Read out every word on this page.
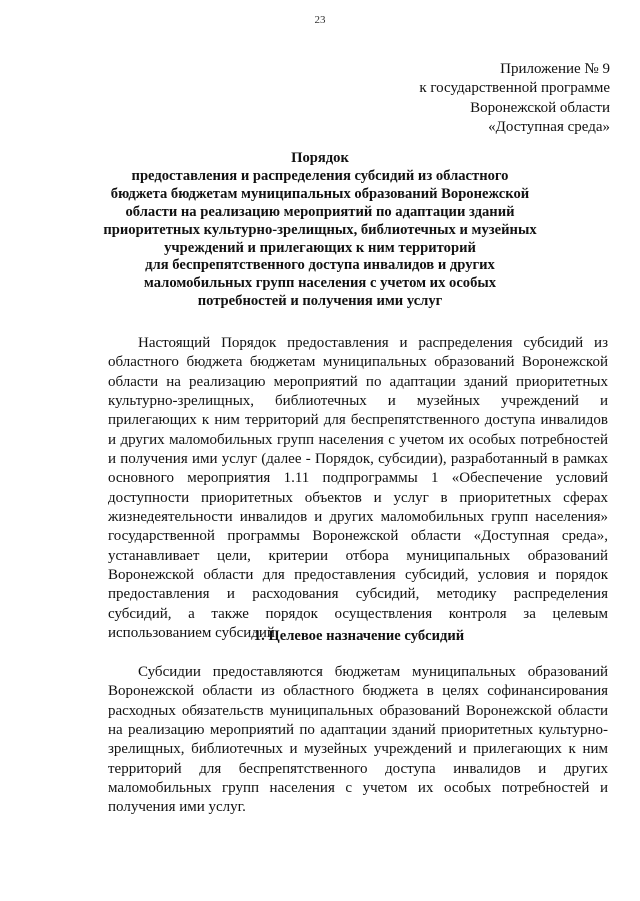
23
Приложение № 9
к государственной программе
Воронежской области
«Доступная среда»
Порядок
предоставления и распределения субсидий из областного
бюджета бюджетам муниципальных образований Воронежской
области на реализацию мероприятий по адаптации зданий
приоритетных культурно-зрелищных, библиотечных и музейных
учреждений и прилегающих к ним территорий
для беспрепятственного доступа инвалидов и других
маломобильных групп населения с учетом их особых
потребностей и получения ими услуг
Настоящий Порядок предоставления и распределения субсидий из
областного бюджета бюджетам муниципальных образований Воронежской
области на реализацию мероприятий по адаптации зданий приоритетных
культурно-зрелищных, библиотечных и музейных учреждений и
прилегающих к ним территорий для беспрепятственного доступа инвалидов
и других маломобильных групп населения с учетом их особых потребностей
и получения ими услуг (далее - Порядок, субсидии), разработанный в рамках
основного мероприятия 1.11 подпрограммы 1 «Обеспечение условий
доступности приоритетных объектов и услуг в приоритетных сферах
жизнедеятельности инвалидов и других маломобильных групп населения»
государственной программы Воронежской области «Доступная среда»,
устанавливает цели, критерии отбора муниципальных образований
Воронежской области для предоставления субсидий, условия и порядок
предоставления и расходования субсидий, методику распределения
субсидий, а также порядок осуществления контроля за целевым
использованием субсидий.
1. Целевое назначение субсидий
Субсидии предоставляются бюджетам муниципальных образований
Воронежской области из областного бюджета в целях софинансирования
расходных обязательств муниципальных образований Воронежской области
на реализацию мероприятий по адаптации зданий приоритетных культурно-
зрелищных, библиотечных и музейных учреждений и прилегающих к ним
территорий для беспрепятственного доступа инвалидов и других
маломобильных групп населения с учетом их особых потребностей и
получения ими услуг.
